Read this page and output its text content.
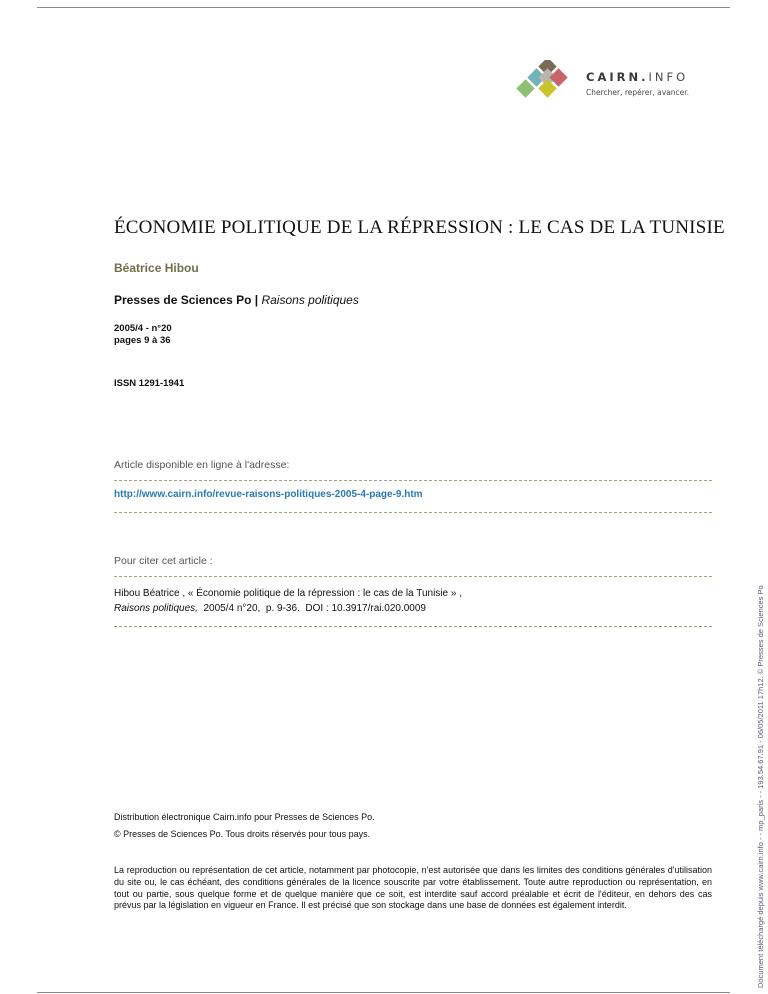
CAIRN.INFO
Chercher, repérer, avancer.
ÉCONOMIE POLITIQUE DE LA RÉPRESSION : LE CAS DE LA TUNISIE
Béatrice Hibou
Presses de Sciences Po | Raisons politiques
2005/4 - n°20
pages 9 à 36
ISSN 1291-1941
Article disponible en ligne à l'adresse:
http://www.cairn.info/revue-raisons-politiques-2005-4-page-9.htm
Pour citer cet article :
Hibou Béatrice , « Économie politique de la répression : le cas de la Tunisie » ,
Raisons politiques,  2005/4 n°20,  p. 9-36.  DOI : 10.3917/rai.020.0009
Distribution électronique Cairn.info pour Presses de Sciences Po.
© Presses de Sciences Po. Tous droits réservés pour tous pays.
La reproduction ou représentation de cet article, notamment par photocopie, n'est autorisée que dans les limites des conditions générales d'utilisation du site ou, le cas échéant, des conditions générales de la licence souscrite par votre établissement. Toute autre reproduction ou représentation, en tout ou partie, sous quelque forme et de quelque manière que ce soit, est interdite sauf accord préalable et écrit de l'éditeur, en dehors des cas prévus par la législation en vigueur en France. Il est précisé que son stockage dans une base de données est également interdit.	Document téléchargé depuis www.cairn.info - - mp_paris - - 193.54.67.91 - 06/05/2011 17h12. © Presses de Sciences Po
